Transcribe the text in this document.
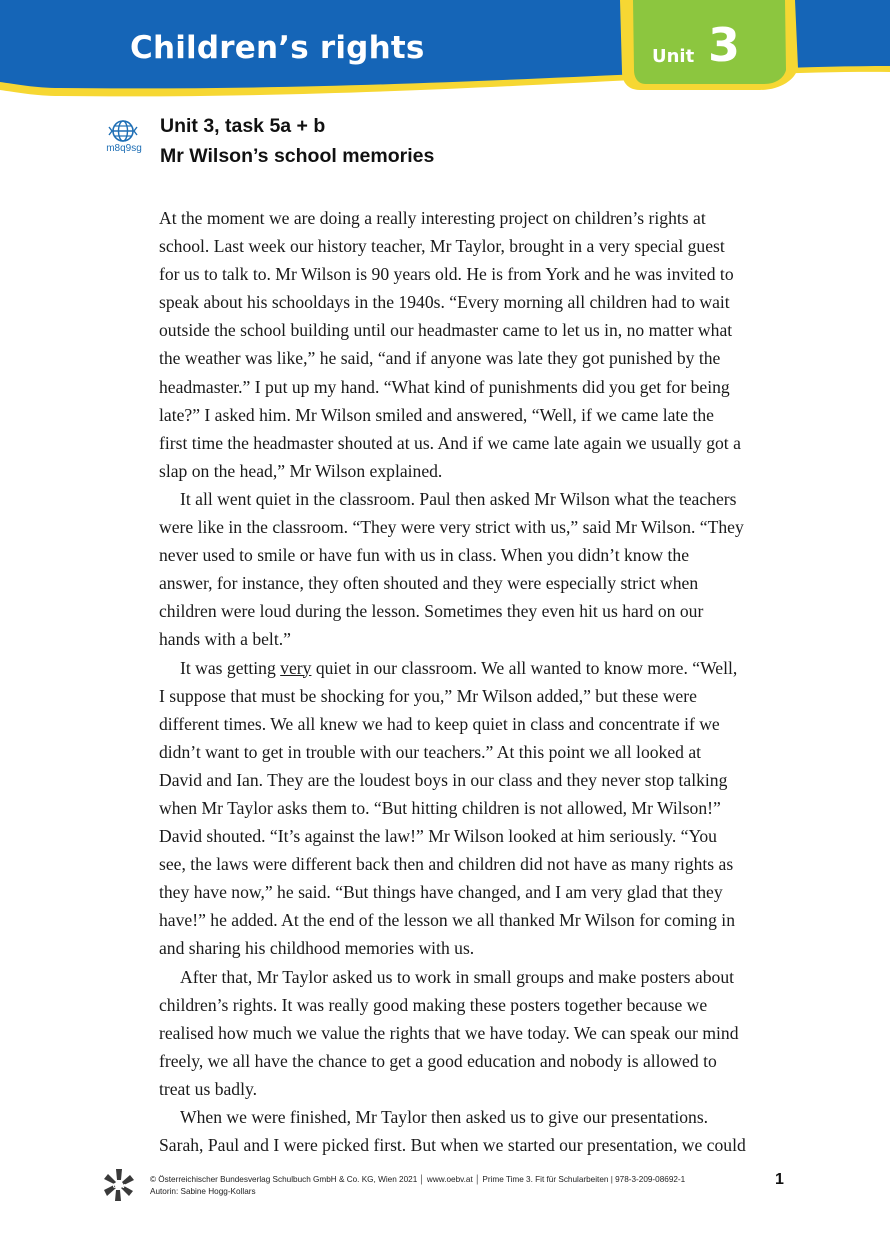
Children’s rights	Unit 3
m8q9sg
Unit 3, task 5a + b
Mr Wilson’s school memories
At the moment we are doing a really interesting project on children’s rights at
school. Last week our history teacher, Mr Taylor, brought in a very special guest
for us to talk to. Mr Wilson is 90 years old. He is from York and he was invited to
speak about his schooldays in the 1940s. “Every morning all children had to wait
outside the school building until our headmaster came to let us in, no matter what
the weather was like,” he said, “and if anyone was late they got punished by the
headmaster.” I put up my hand. “What kind of punishments did you get for being
late?” I asked him. Mr Wilson smiled and answered, “Well, if we came late the
first time the headmaster shouted at us. And if we came late again we usually got a
slap on the head,” Mr Wilson explained.
It all went quiet in the classroom. Paul then asked Mr Wilson what the teachers
were like in the classroom. “They were very strict with us,” said Mr Wilson. “They
never used to smile or have fun with us in class. When you didn’t know the
answer, for instance, they often shouted and they were especially strict when
children were loud during the lesson. Sometimes they even hit us hard on our
hands with a belt.”
It was getting very quiet in our classroom. We all wanted to know more. “Well,
I suppose that must be shocking for you,” Mr Wilson added,” but these were
different times. We all knew we had to keep quiet in class and concentrate if we
didn’t want to get in trouble with our teachers.” At this point we all looked at
David and Ian. They are the loudest boys in our class and they never stop talking
when Mr Taylor asks them to. “But hitting children is not allowed, Mr Wilson!”
David shouted. “It’s against the law!” Mr Wilson looked at him seriously. “You
see, the laws were different back then and children did not have as many rights as
they have now,” he said. “But things have changed, and I am very glad that they
have!” he added. At the end of the lesson we all thanked Mr Wilson for coming in
and sharing his childhood memories with us.
After that, Mr Taylor asked us to work in small groups and make posters about
children’s rights. It was really good making these posters together because we
realised how much we value the rights that we have today. We can speak our mind
freely, we all have the chance to get a good education and nobody is allowed to
treat us badly.
When we were finished, Mr Taylor then asked us to give our presentations.
Sarah, Paul and I were picked first. But when we started our presentation, we could
öbv
© Österreichischer Bundesverlag Schulbuch GmbH & Co. KG, Wien 2021 │ www.oebv.at │ Prime Time 3. Fit für Schularbeiten | 978-3-209-08692-1
Autorin: Sabine Hogg-Kollars
1
